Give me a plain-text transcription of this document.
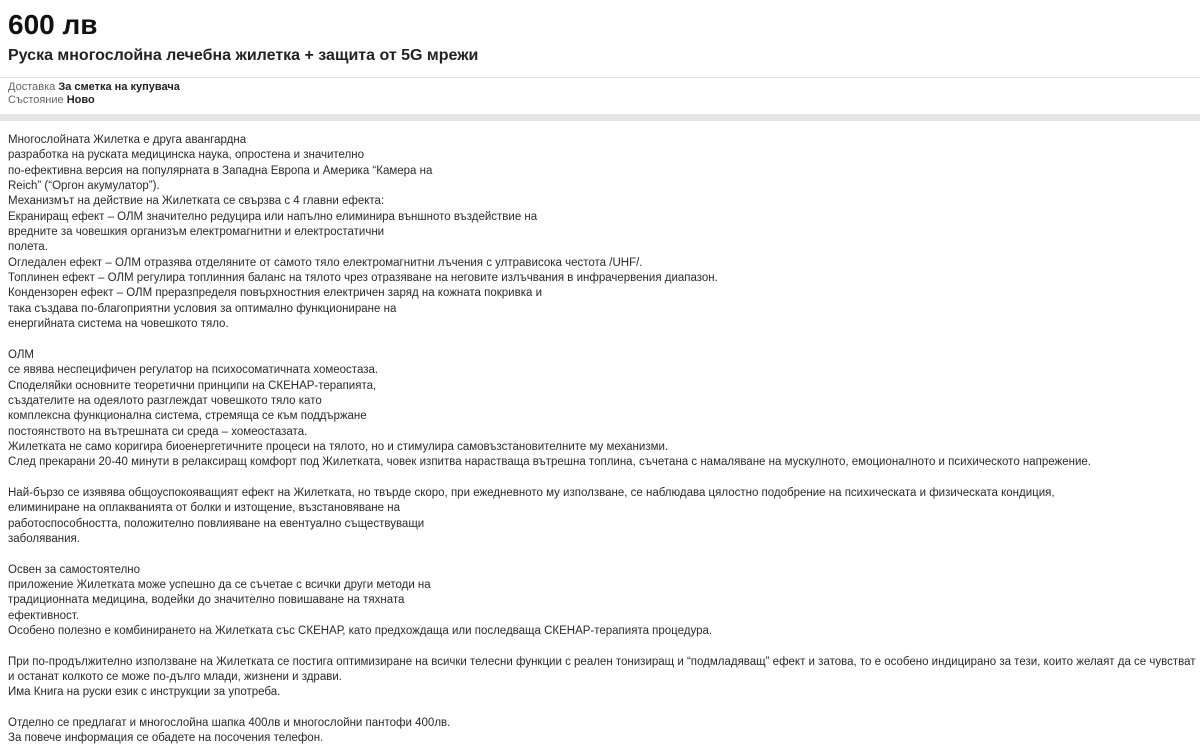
600 лв
Руска многослойна лечебна жилетка + защита от 5G мрежи
Доставка За сметка на купувача
Състояние Ново
Многослойната Жилетка е друга авангардна
разработка на руската медицинска наука, опростена и значително
по-ефективна версия на популярната в Западна Европа и Америка “Камера на
Reich” (“Оргон акумулатор”).
Механизмът на действие на Жилетката се свързва с 4 главни ефекта:
Екраниращ ефект – ОЛМ значително редуцира или напълно елиминира външното въздействие на
вредните за човешкия организъм електромагнитни и електростатични
полета.
Огледален ефект – ОЛМ отразява отделяните от самото тяло електромагнитни лъчения с ултрависока честота /UHF/.
Топлинен ефект – ОЛМ регулира топлинния баланс на тялото чрез отразяване на неговите излъчвания в инфрачервения диапазон.
Кондензорен ефект – ОЛМ преразпределя повърхностния електричен заряд на кожната покривка и
така създава по-благоприятни условия за оптимално функциониране на
енергийната система на човешкото тяло.
ОЛМ
се явява неспецифичен регулатор на психосоматичната хомеостаза.
Споделяйки основните теоретични принципи на СКЕНАР-терапията,
създателите на одеялото разглеждат човешкото тяло като
комплексна функционална система, стремяща се към поддържане
постоянството на вътрешната си среда – хомеостазата.
Жилетката не само коригира биоенергетичните процеси на тялото, но и стимулира самовъзстановителните му механизми.
След прекарани 20-40 минути в релаксиращ комфорт под Жилетката, човек изпитва нарастваща вътрешна топлина, съчетана с намаляване на мускулното, емоционалното и психическото напрежение.
Най-бързо се изявява общоуспокояващият ефект на Жилетката, но твърде скоро, при ежедневното му използване, се наблюдава цялостно подобрение на психическата и физическата кондиция,
елиминиране на оплакванията от болки и изтощение, възстановяване на
работоспособността, положително повлияване на евентуално съществуващи
заболявания.
Освен за самостоятелно
приложение Жилетката може успешно да се съчетае с всички други методи на
традиционната медицина, водейки до значително повишаване на тяхната
ефективност.
Особено полезно е комбинирането на Жилетката със СКЕНАР, като предхождаща или последваща СКЕНАР-терапията процедура.
При по-продължително използване на Жилетката се постига оптимизиране на всички телесни функции с реален тонизиращ и “подмладяващ” ефект и затова, то е особено индицирано за тези, които желаят да се чувстват
и останат колкото се може по-дълго млади, жизнени и здрави.
Има Книга на руски език с инструкции за употреба.
Отделно се предлагат и многослойна шапка 400лв и многослойни пантофи 400лв.
За повече информация се обадете на посочения телефон.
